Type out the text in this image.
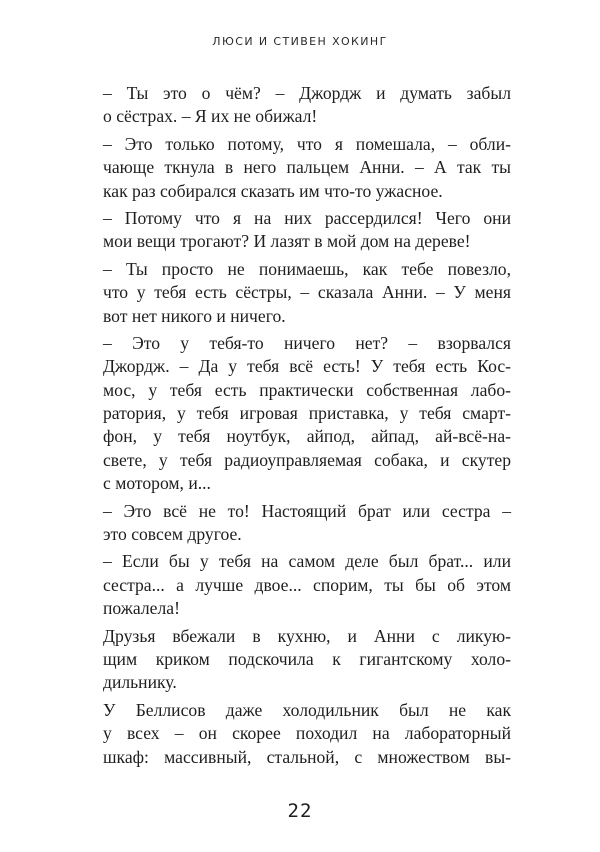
ЛЮСИ И СТИВЕН ХОКИНГ
– Ты это о чём? – Джордж и думать забыл
о сёстрах. – Я их не обижал!
– Это только потому, что я помешала, – обли-
чающе ткнула в него пальцем Анни. – А так ты
как раз собирался сказать им что-то ужасное.
– Потому что я на них рассердился! Чего они
мои вещи трогают? И лазят в мой дом на дереве!
– Ты просто не понимаешь, как тебе повезло,
что у тебя есть сёстры, – сказала Анни. – У меня
вот нет никого и ничего.
– Это у тебя-то ничего нет? – взорвался
Джордж. – Да у тебя всё есть! У тебя есть Кос-
мос, у тебя есть практически собственная лабо-
ратория, у тебя игровая приставка, у тебя смарт-
фон, у тебя ноутбук, айпод, айпад, ай-всё-на-
свете, у тебя радиоуправляемая собака, и скутер
с мотором, и...
– Это всё не то! Настоящий брат или сестра –
это совсем другое.
– Если бы у тебя на самом деле был брат... или
сестра... а лучше двое... спорим, ты бы об этом
пожалела!
Друзья вбежали в кухню, и Анни с ликую-
щим криком подскочила к гигантскому холо-
дильнику.
У Беллисов даже холодильник был не как
у всех – он скорее походил на лабораторный
шкаф: массивный, стальной, с множеством вы-
22
